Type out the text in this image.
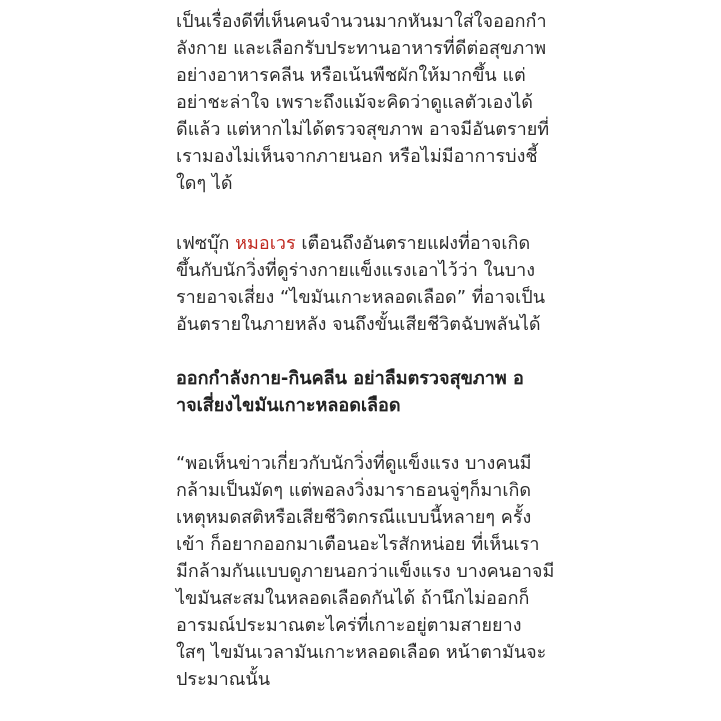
เป็นเรื่องดีที่เห็นคนจำนวนมากหันมาใส่ใจออกกำ
ลังกาย และเลือกรับประทานอาหารที่ดีต่อสุขภาพ
อย่างอาหารคลีน หรือเน้นพืชผักให้มากขึ้น แต่
อย่าชะล่าใจ เพราะถึงแม้จะคิดว่าดูแลตัวเองได้
ดีแล้ว แต่หากไม่ได้ตรวจสุขภาพ อาจมีอันตรายที่
เรามองไม่เห็นจากภายนอก หรือไม่มีอาการบ่งชี้
ใดๆ ได้
เฟซบุ๊ก หมอเวร เตือนถึงอันตรายแฝงที่อาจเกิด
ขึ้นกับนักวิ่งที่ดูร่างกายแข็งแรงเอาไว้ว่า ในบาง
รายอาจเสี่ยง “ไขมันเกาะหลอดเลือด” ที่อาจเป็น
อันตรายในภายหลัง จนถึงขั้นเสียชีวิตฉับพลันได้
ออกกำลังกาย-กินคลีน อย่าลืมตรวจสุขภาพ อ
าจเสี่ยงไขมันเกาะหลอดเลือด
“พอเห็นข่าวเกี่ยวกับนักวิ่งที่ดูแข็งแรง บางคนมี
กล้ามเป็นมัดๆ แต่พอลงวิ่งมาราธอนจู่ๆก็มาเกิด
เหตุหมดสติหรือเสียชีวิตกรณีแบบนี้หลายๆ ครั้ง
เข้า ก็อยากออกมาเตือนอะไรสักหน่อย ที่เห็นเรา
มีกล้ามกันแบบดูภายนอกว่าแข็งแรง บางคนอาจมี
ไขมันสะสมในหลอดเลือดกันได้ ถ้านึกไม่ออกก็
อารมณ์ประมาณตะไคร่ที่เกาะอยู่ตามสายยาง
ใสๆ ไขมันเวลามันเกาะหลอดเลือด หน้าตามันจะ
ประมาณนั้น
